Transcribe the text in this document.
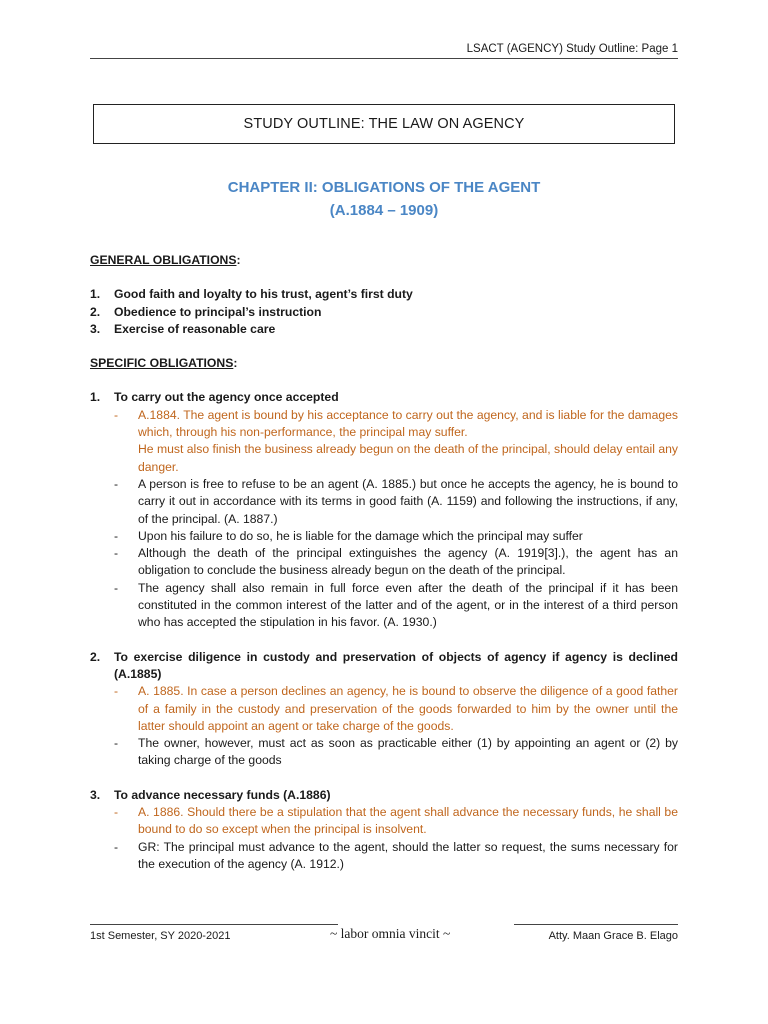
LSACT (AGENCY) Study Outline: Page 1
STUDY OUTLINE: THE LAW ON AGENCY
CHAPTER II: OBLIGATIONS OF THE AGENT
(A.1884 – 1909)

GENERAL OBLIGATIONS:

1.	Good faith and loyalty to his trust, agent’s first duty
2.	Obedience to principal’s instruction
3.	Exercise of reasonable care

SPECIFIC OBLIGATIONS:

1.	To carry out the agency once accepted
-	A.1884. The agent is bound by his acceptance to carry out the agency, and is liable for the damages which, through his non-performance, the principal may suffer.
He must also finish the business already begun on the death of the principal, should delay entail any danger.
-	A person is free to refuse to be an agent (A. 1885.) but once he accepts the agency, he is bound to carry it out in accordance with its terms in good faith (A. 1159) and following the instructions, if any, of the principal. (A. 1887.)
-	Upon his failure to do so, he is liable for the damage which the principal may suffer
-	Although the death of the principal extinguishes the agency (A. 1919[3].), the agent has an obligation to conclude the business already begun on the death of the principal.
-	The agency shall also remain in full force even after the death of the principal if it has been constituted in the common interest of the latter and of the agent, or in the interest of a third person who has accepted the stipulation in his favor. (A. 1930.)
2.	To exercise diligence in custody and preservation of objects of agency if agency is declined (A.1885)
-	A. 1885. In case a person declines an agency, he is bound to observe the diligence of a good father of a family in the custody and preservation of the goods forwarded to him by the owner until the latter should appoint an agent or take charge of the goods.
-	The owner, however, must act as soon as practicable either (1) by appointing an agent or (2) by taking charge of the goods
3.	To advance necessary funds (A.1886)
-	A. 1886. Should there be a stipulation that the agent shall advance the necessary funds, he shall be bound to do so except when the principal is insolvent.
-	GR: The principal must advance to the agent, should the latter so request, the sums necessary for the execution of the agency (A. 1912.)
1st Semester, SY 2020-2021	~ labor omnia vincit ~	Atty. Maan Grace B. Elago
